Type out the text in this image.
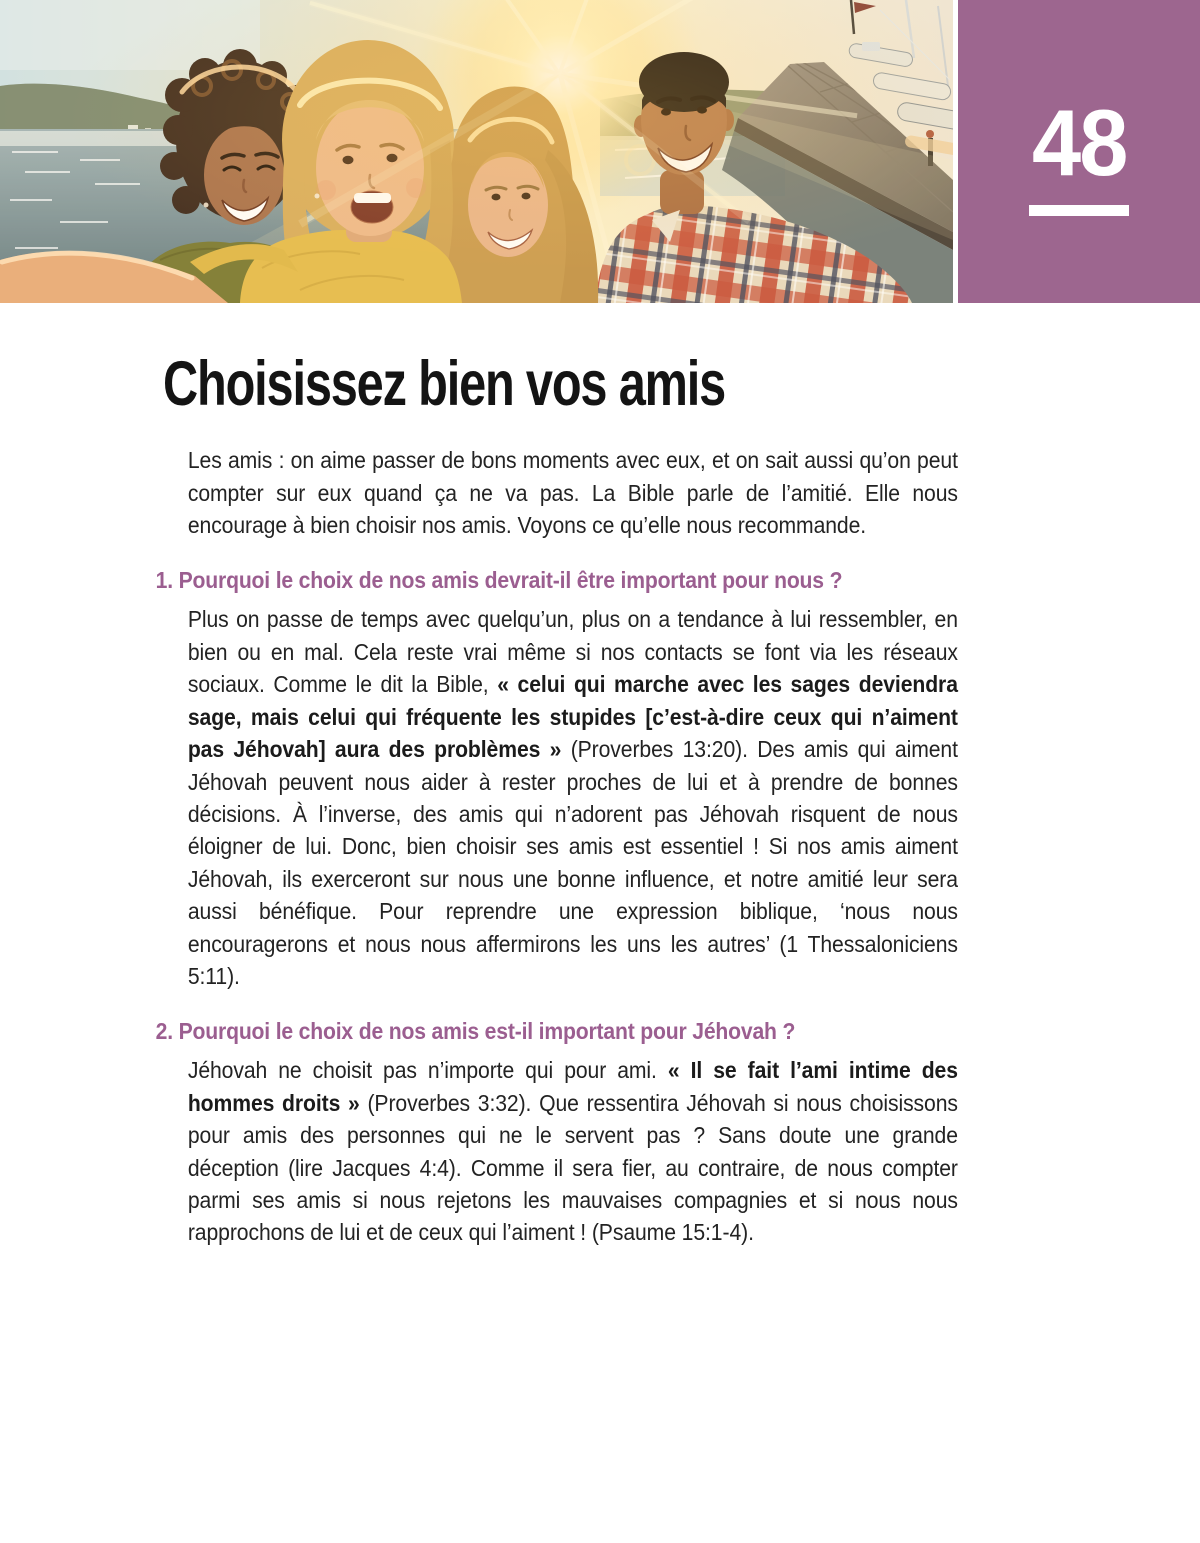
48
Choisissez bien vos amis

Les amis : on aime passer de bons moments avec eux, et on sait aussi qu’on peut compter sur eux quand ça ne va pas. La Bible parle de l’amitié. Elle nous encourage à bien choisir nos amis. Voyons ce qu’elle nous recommande.

1. Pourquoi le choix de nos amis devrait-il être important pour nous ?

Plus on passe de temps avec quelqu’un, plus on a tendance à lui ressembler, en bien ou en mal. Cela reste vrai même si nos contacts se font via les réseaux sociaux. Comme le dit la Bible, « celui qui marche avec les sages deviendra sage, mais celui qui fréquente les stupides [c’est-à-dire ceux qui n’aiment pas Jéhovah] aura des problèmes » (Proverbes 13:20). Des amis qui aiment Jéhovah peuvent nous aider à rester proches de lui et à prendre de bonnes décisions. À l’inverse, des amis qui n’adorent pas Jéhovah risquent de nous éloigner de lui. Donc, bien choisir ses amis est essentiel ! Si nos amis aiment Jéhovah, ils exerceront sur nous une bonne influence, et notre amitié leur sera aussi bénéfique. Pour reprendre une expression biblique, ‘nous nous encouragerons et nous nous affermirons les uns les autres’ (1 Thessaloniciens 5:11).

2. Pourquoi le choix de nos amis est-il important pour Jéhovah ?

Jéhovah ne choisit pas n’importe qui pour ami. « Il se fait l’ami intime des hommes droits » (Proverbes 3:32). Que ressentira Jéhovah si nous choisissons pour amis des personnes qui ne le servent pas ? Sans doute une grande déception (lire Jacques 4:4). Comme il sera fier, au contraire, de nous compter parmi ses amis si nous rejetons les mauvaises compagnies et si nous nous rapprochons de lui et de ceux qui l’aiment ! (Psaume 15:1-4).
